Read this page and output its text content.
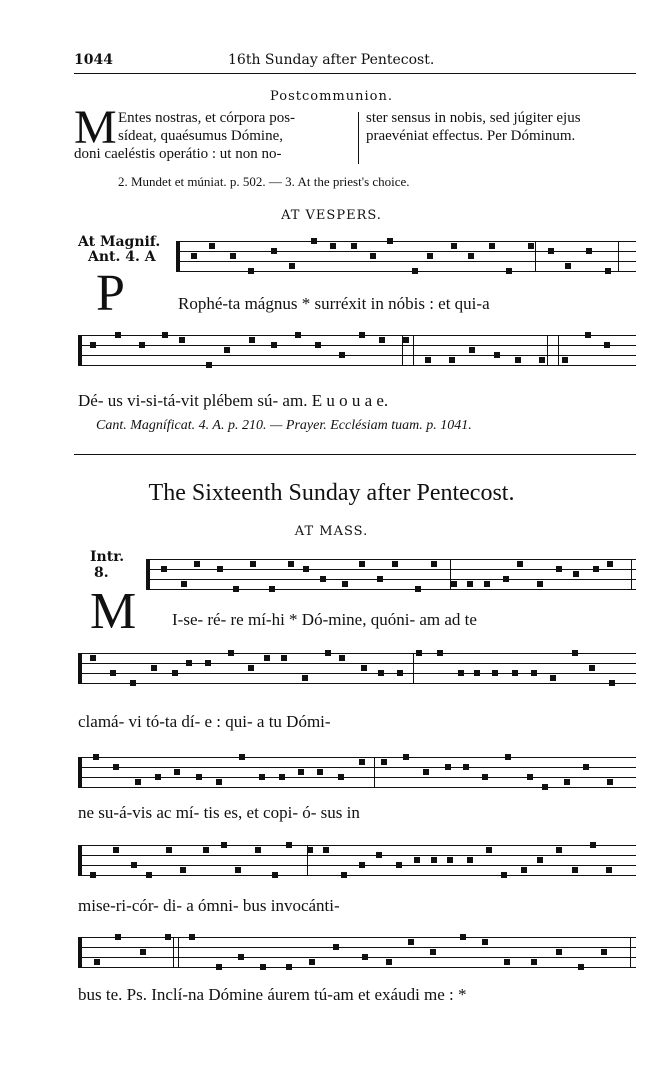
1044	16th Sunday after Pentecost.
Postcommunion.
M Entes nostras, et córpora pos-
síde​at, quaésumus Dómine,
doni caeléstis operátio : ut non no-
ster sensus in nobis, sed júgiter ejus
praevéniat effectus. Per Dóminum.
2. Mundet et múniat. p. 502. — 3. At the priest's choice.
AT VESPERS.
At Magnif.
Ant. 4. A
P	Rophé-ta mágnus * surréxit in nóbis : et qui-a
Dé- us vi-si-tá-vit plébem sú- am. E u o u a e.
Cant. Magníficat. 4. A. p. 210. — Prayer. Ecclésiam tuam. p. 1041.
The Sixteenth Sunday after Pentecost.
AT MASS.
Intr.
8.
M I-se- ré- re mí-hi * Dó-mine, quóni- am ad te
clamá- vi tó-ta dí- e : qui- a tu Dómi-
ne su-á-vis ac mí- tis es, et copi- ó- sus in
mise-ri-cór- di- a ómni- bus invocánti-
bus te. Ps. Inclí-na Dómine áurem tú-am et exáudi me : *
